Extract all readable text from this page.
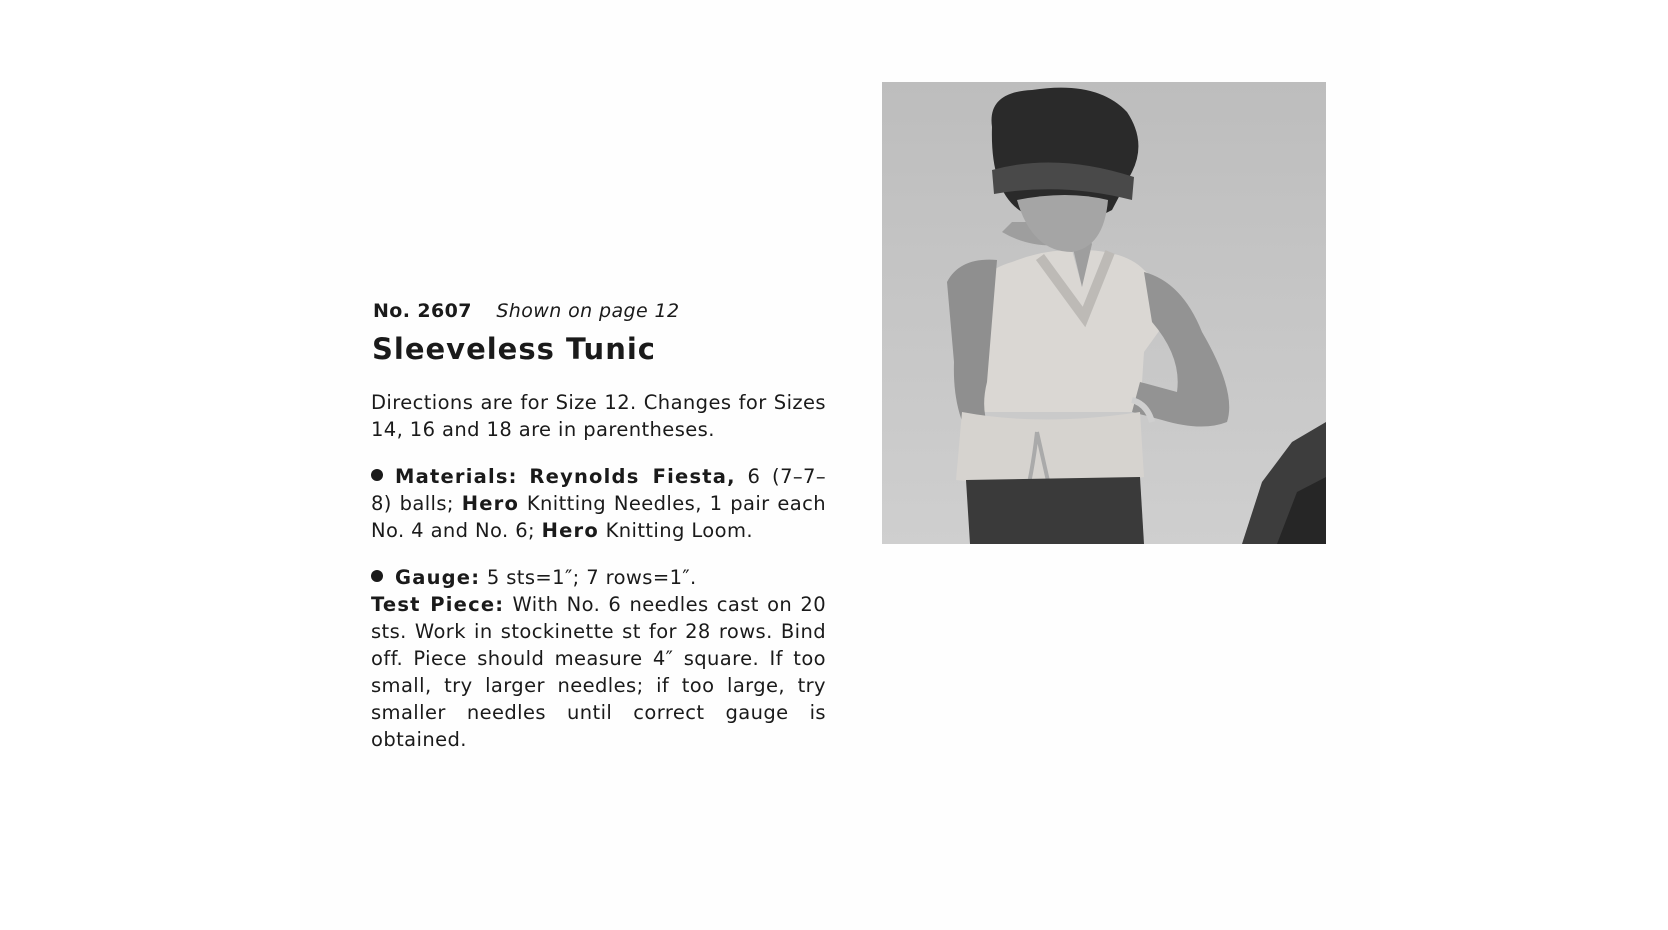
No. 2607 Shown on page 12
Sleeveless Tunic

Directions are for Size 12. Changes for Sizes 14, 16 and 18 are in parentheses.

Materials: Reynolds Fiesta, 6 (7–7–8) balls; Hero Knitting Needles, 1 pair each No. 4 and No. 6; Hero Knitting Loom.

Gauge: 5 sts=1″; 7 rows=1″.

Test Piece: With No. 6 needles cast on 20 sts. Work in stockinette st for 28 rows. Bind off. Piece should measure 4″ square. If too small, try larger needles; if too large, try smaller needles until correct gauge is obtained.
